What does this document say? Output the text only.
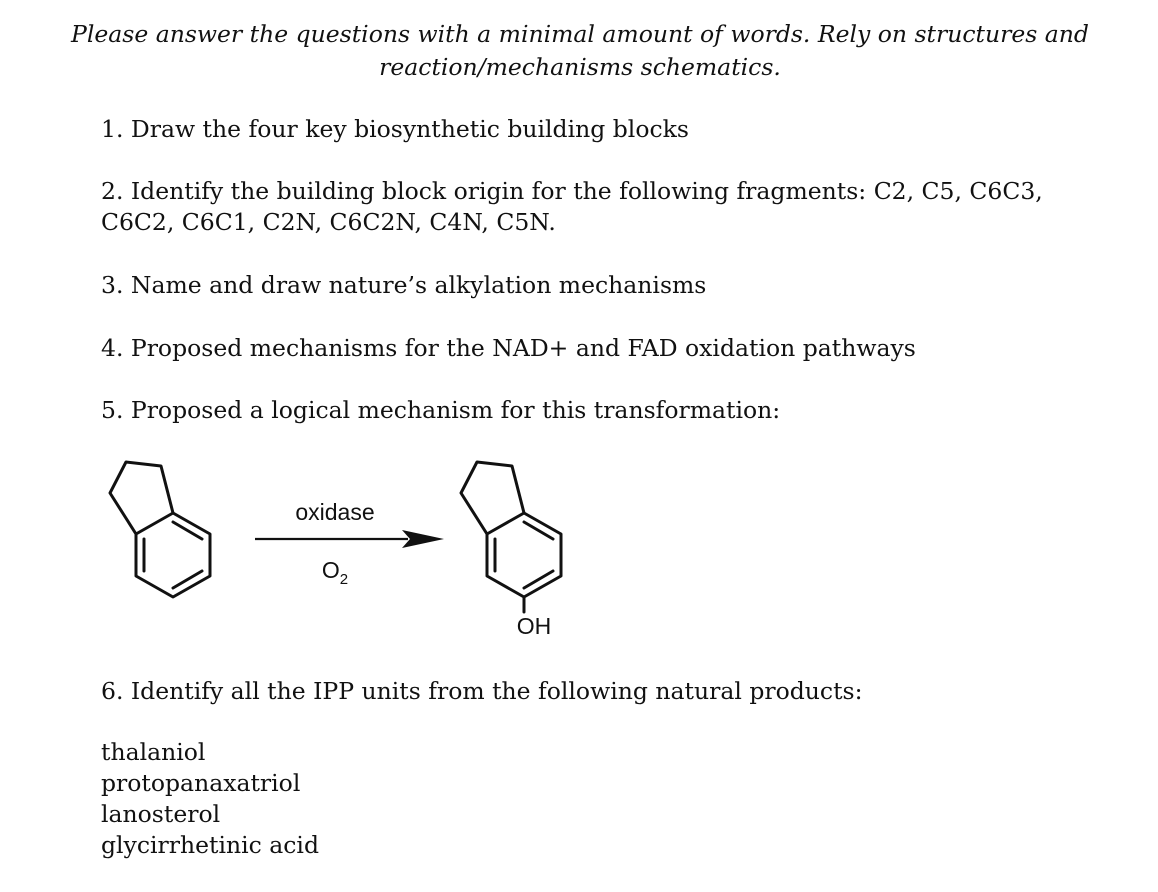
Please answer the questions with a minimal amount of words. Rely on structures and
reaction/mechanisms schematics.
1. Draw the four key biosynthetic building blocks
2. Identify the building block origin for the following fragments: C2, C5, C6C3, C6C2, C6C1, C2N, C6C2N, C4N, C5N.
3. Name and draw nature’s alkylation mechanisms
4. Proposed mechanisms for the NAD+ and FAD oxidation pathways
5. Proposed a logical mechanism for this transformation:
oxidase
$O_2$
OH
6. Identify all the IPP units from the following natural products:
thalaniol
protopanaxatriol
lanosterol
glycirrhetinic acid
